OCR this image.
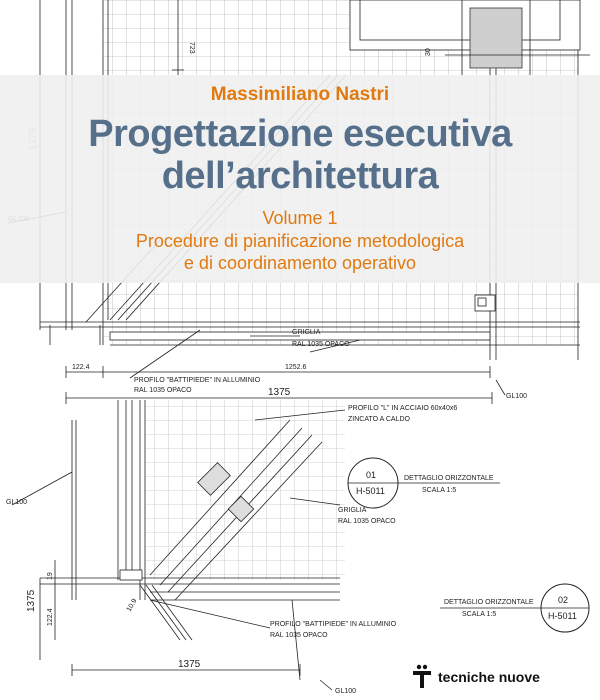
723	30
GRIGLIA
RAL 1035 OPACO
PROFILO "BATTIPIEDE" IN ALLUMINIO
RAL 1035 OPACO
122.4	1252.6
1375	GL100
GL100
PROFILO "L" IN ACCIAIO 60x40x6
ZINCATO A CALDO
01
H-5011
DETTAGLIO ORIZZONTALE
SCALA 1:5
GRIGLIA
RAL 1035 OPACO
19
1375
122.4
10.9	DETTAGLIO ORIZZONTALE
SCALA 1:5
02
H-5011
PROFILO "BATTIPIEDE" IN ALLUMINIO
RAL 1035 OPACO
1375
GL100
Massimiliano Nastri
Progettazione esecutiva
dell’architettura
Volume 1
Procedure di pianificazione metodologica
e di coordinamento operativo
tecniche nuove
